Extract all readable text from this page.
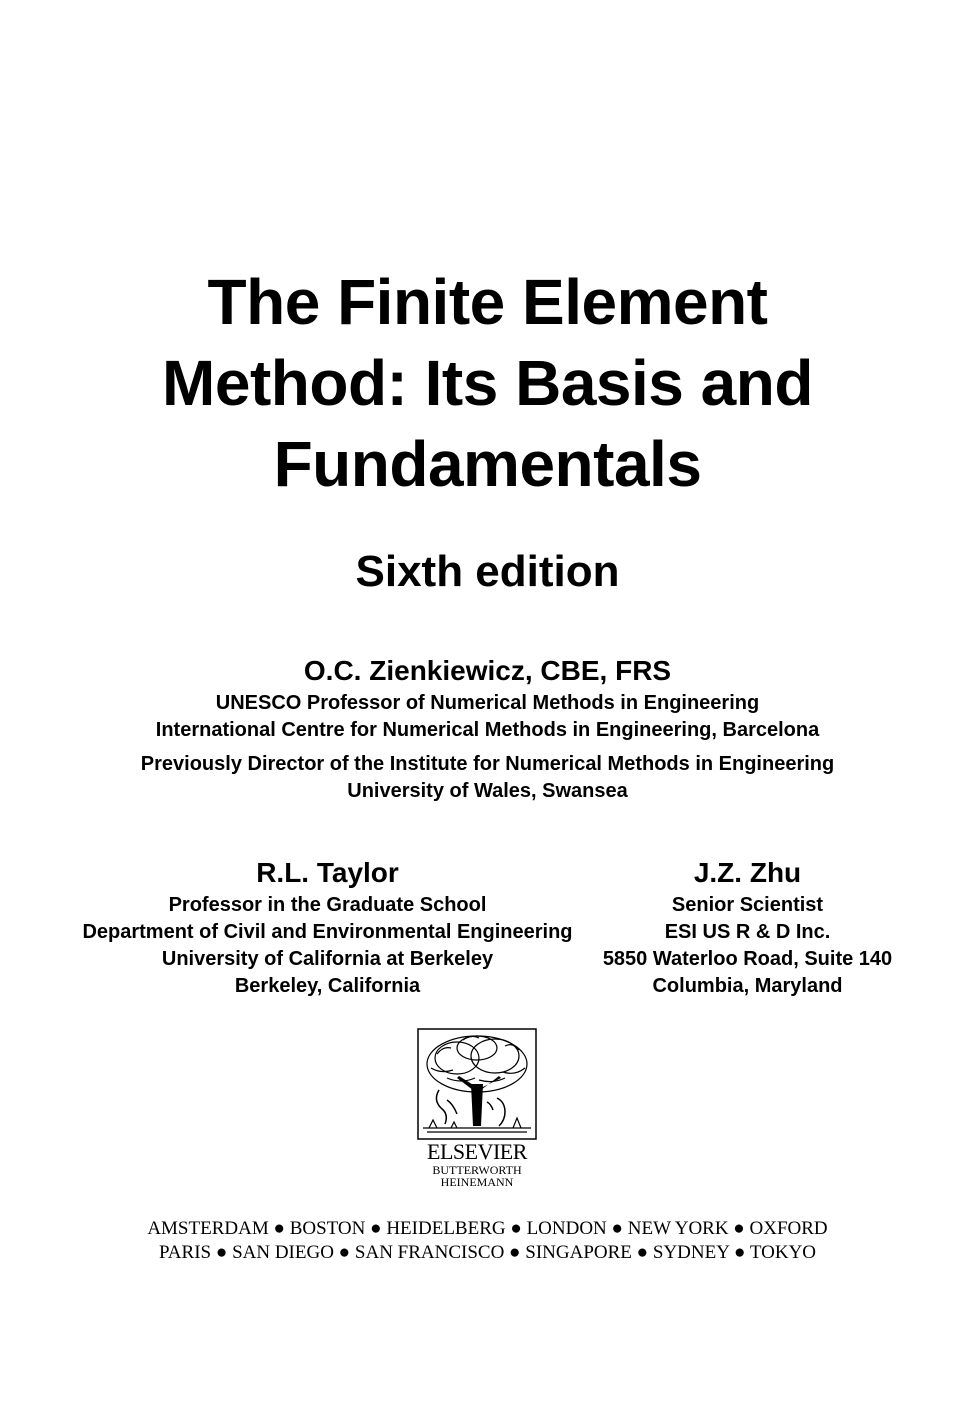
The Finite Element
Method: Its Basis and
Fundamentals
Sixth edition
O.C. Zienkiewicz, CBE, FRS
UNESCO Professor of Numerical Methods in Engineering
International Centre for Numerical Methods in Engineering, Barcelona
Previously Director of the Institute for Numerical Methods in Engineering
University of Wales, Swansea
R.L. Taylor
Professor in the Graduate School
Department of Civil and Environmental Engineering
University of California at Berkeley
Berkeley, California
J.Z. Zhu
Senior Scientist
ESI US R & D Inc.
5850 Waterloo Road, Suite 140
Columbia, Maryland
ELSEVIER
BUTTERWORTH
HEINEMANN
AMSTERDAM ● BOSTON ● HEIDELBERG ● LONDON ● NEW YORK ● OXFORD
PARIS ● SAN DIEGO ● SAN FRANCISCO ● SINGAPORE ● SYDNEY ● TOKYO
